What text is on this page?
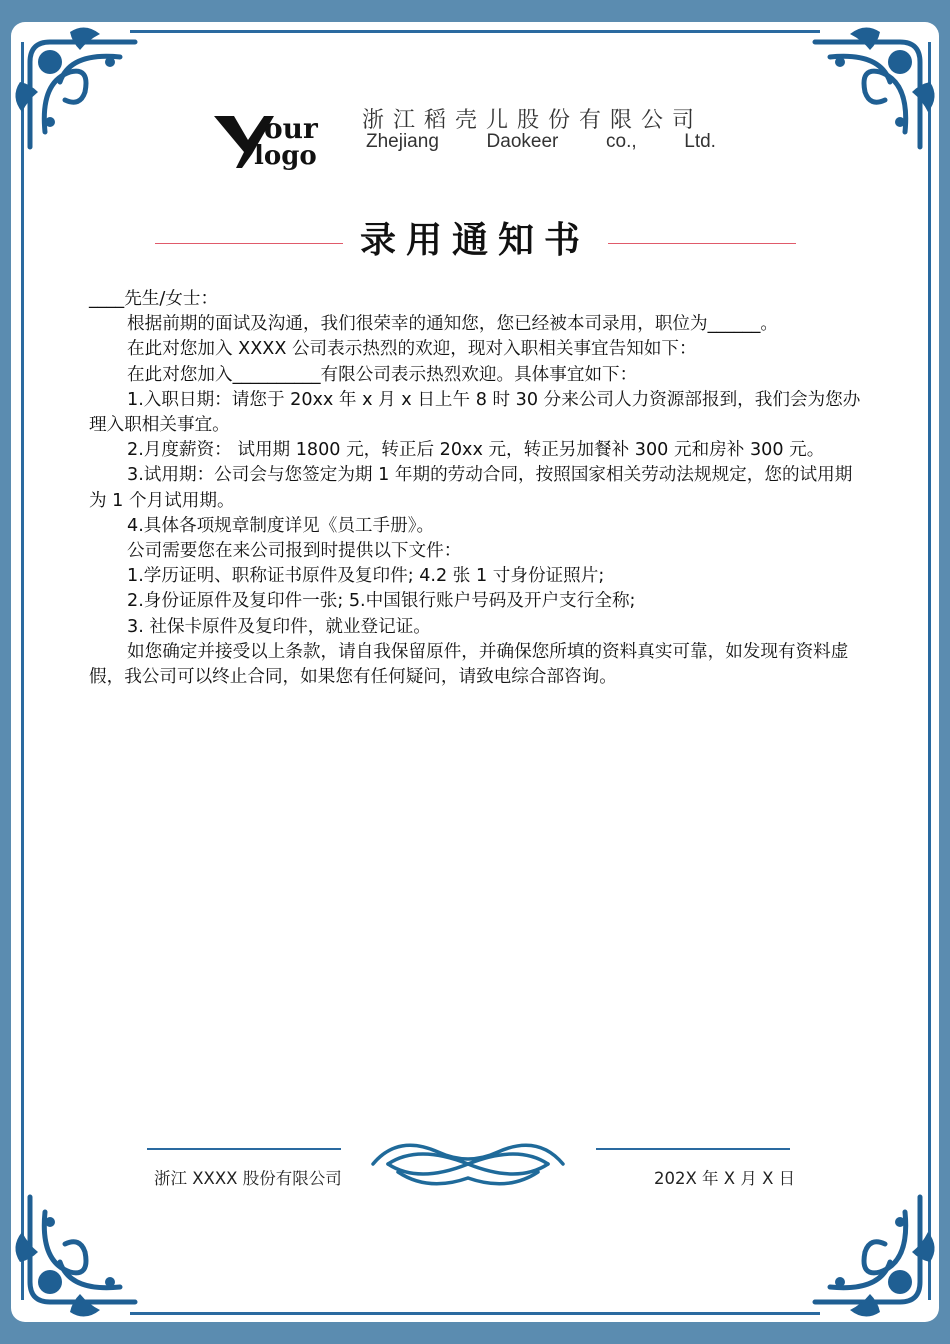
our
logo
浙江稻壳儿股份有限公司
Zhejiang	Daokeer	co.,	Ltd.
录用通知书

____先生/女士：

根据前期的面试及沟通，我们很荣幸的通知您，您已经被本司录用，职位为______。

在此对您加入 XXXX 公司表示热烈的欢迎，现对入职相关事宜告知如下：

在此对您加入__________有限公司表示热烈欢迎。具体事宜如下：

1.入职日期：请您于 20xx 年 x 月 x 日上午 8 时 30 分来公司人力资源部报到，我们会为您办理入职相关事宜。

2.月度薪资： 试用期 1800 元，转正后 20xx 元，转正另加餐补 300 元和房补 300 元。

3.试用期：公司会与您签定为期 1 年期的劳动合同，按照国家相关劳动法规规定，您的试用期为 1 个月试用期。

4.具体各项规章制度详见《员工手册》。

公司需要您在来公司报到时提供以下文件：

1.学历证明、职称证书原件及复印件; 4.2 张 1 寸身份证照片;

2.身份证原件及复印件一张; 5.中国银行账户号码及开户支行全称;

3. 社保卡原件及复印件，就业登记证。

如您确定并接受以上条款，请自我保留原件，并确保您所填的资料真实可靠，如发现有资料虚假，我公司可以终止合同，如果您有任何疑问，请致电综合部咨询。

浙江 XXXX 股份有限公司	202X 年 X 月 X 日
